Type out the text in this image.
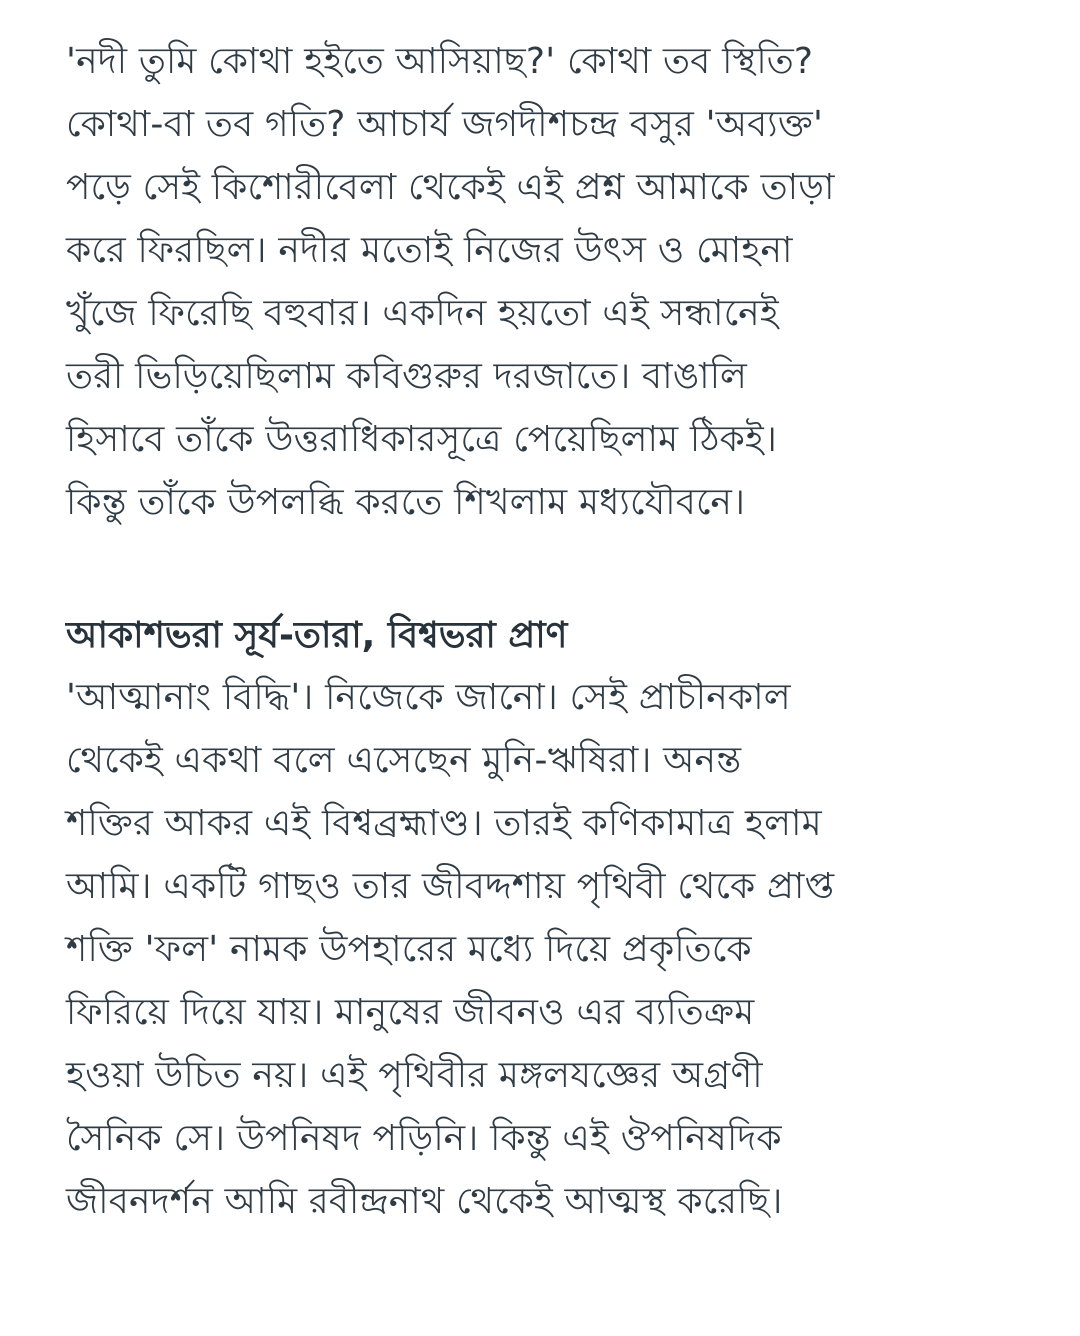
'নদী তুমি কোথা হইতে আসিয়াছ?' কোথা তব স্থিতি?
কোথা-বা তব গতি? আচার্য জগদীশচন্দ্র বসুর 'অব্যক্ত'
পড়ে সেই কিশোরীবেলা থেকেই এই প্রশ্ন আমাকে তাড়া
করে ফিরছিল। নদীর মতোই নিজের উৎস ও মোহনা
খুঁজে ফিরেছি বহুবার। একদিন হয়তো এই সন্ধানেই
তরী ভিড়িয়েছিলাম কবিগুরুর দরজাতে। বাঙালি
হিসাবে তাঁকে উত্তরাধিকারসূত্রে পেয়েছিলাম ঠিকই।
কিন্তু তাঁকে উপলব্ধি করতে শিখলাম মধ্যযৌবনে।
আকাশভরা সূর্য-তারা, বিশ্বভরা প্রাণ
'আত্মানাং বিদ্ধি'। নিজেকে জানো। সেই প্রাচীনকাল
থেকেই একথা বলে এসেছেন মুনি-ঋষিরা। অনন্ত
শক্তির আকর এই বিশ্বব্রহ্মাণ্ড। তারই কণিকামাত্র হলাম
আমি। একটি গাছও তার জীবদ্দশায় পৃথিবী থেকে প্রাপ্ত
শক্তি 'ফল' নামক উপহারের মধ্যে দিয়ে প্রকৃতিকে
ফিরিয়ে দিয়ে যায়। মানুষের জীবনও এর ব্যতিক্রম
হওয়া উচিত নয়। এই পৃথিবীর মঙ্গলযজ্ঞের অগ্রণী
সৈনিক সে। উপনিষদ পড়িনি। কিন্তু এই ঔপনিষদিক
জীবনদর্শন আমি রবীন্দ্রনাথ থেকেই আত্মস্থ করেছি।
